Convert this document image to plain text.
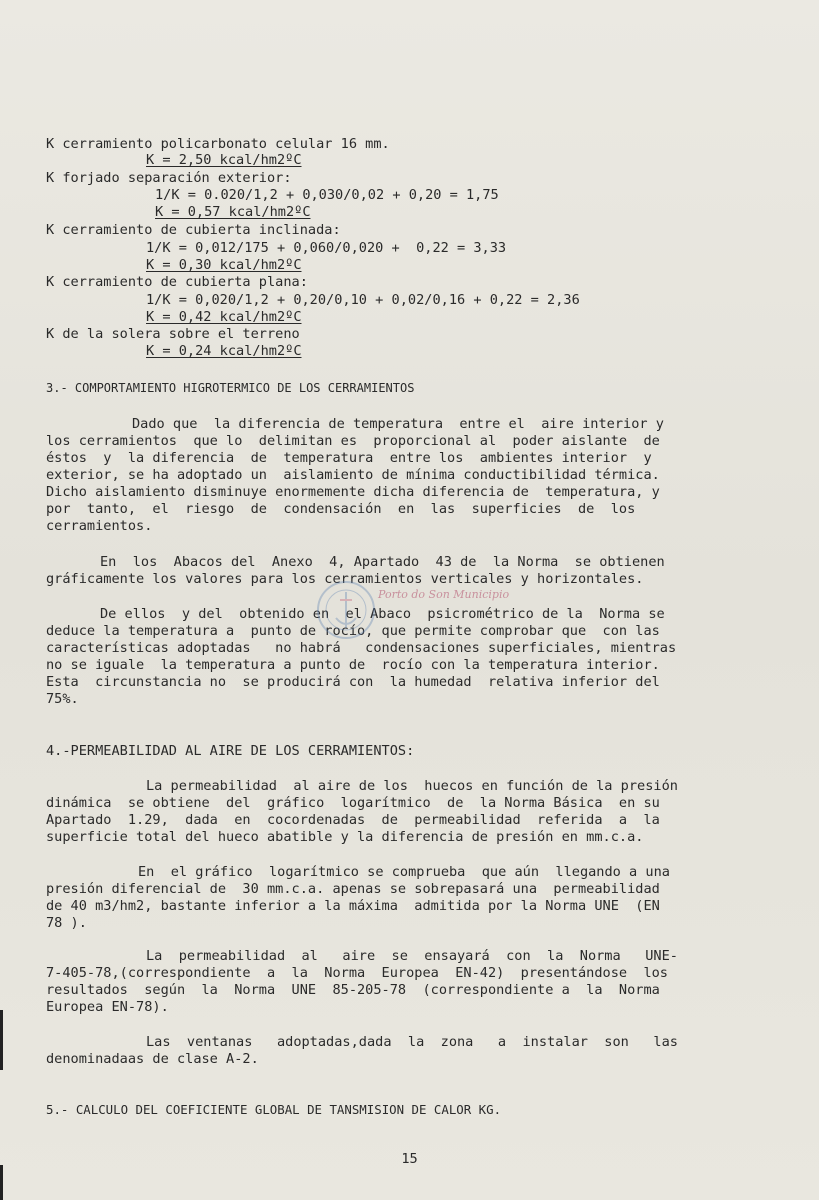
K cerramiento policarbonato celular 16 mm.
K = 2,50 kcal/hm2ºC
K forjado separación exterior:
1/K = 0.020/1,2 + 0,030/0,02 + 0,20 = 1,75
K = 0,57 kcal/hm2ºC
K cerramiento de cubierta inclinada:
1/K = 0,012/175 + 0,060/0,020 +  0,22 = 3,33
K = 0,30 kcal/hm2ºC
K cerramiento de cubierta plana:
1/K = 0,020/1,2 + 0,20/0,10 + 0,02/0,16 + 0,22 = 2,36
K = 0,42 kcal/hm2ºC
K de la solera sobre el terreno
K = 0,24 kcal/hm2ºC
3.- COMPORTAMIENTO HIGROTERMICO DE LOS CERRAMIENTOS
Dado que  la diferencia de temperatura  entre el  aire interior y
los cerramientos  que lo  delimitan es  proporcional al  poder aislante  de
éstos  y  la diferencia  de  temperatura  entre los  ambientes interior  y
exterior, se ha adoptado un  aislamiento de mínima conductibilidad térmica.
Dicho aislamiento disminuye enormemente dicha diferencia de  temperatura, y
por  tanto,  el  riesgo  de  condensación  en  las  superficies  de  los
cerramientos.
En  los  Abacos del  Anexo  4, Apartado  43 de  la Norma  se obtienen
gráficamente los valores para los cerramientos verticales y horizontales.
De ellos  y del  obtenido en  el Abaco  psicrométrico de la  Norma se
deduce la temperatura a  punto de rocío, que permite comprobar que  con las
características adoptadas   no habrá   condensaciones superficiales, mientras
no se iguale  la temperatura a punto de  rocío con la temperatura interior.
Esta  circunstancia no  se producirá con  la humedad  relativa inferior del
75%.
4.-PERMEABILIDAD AL AIRE DE LOS CERRAMIENTOS:
La permeabilidad  al aire de los  huecos en función de la presión
dinámica  se obtiene  del  gráfico  logarítmico  de  la Norma Básica  en su
Apartado  1.29,  dada  en  cocordenadas  de  permeabilidad  referida  a  la
superficie total del hueco abatible y la diferencia de presión en mm.c.a.
En  el gráfico  logarítmico se comprueba  que aún  llegando a una
presión diferencial de  30 mm.c.a. apenas se sobrepasará una  permeabilidad
de 40 m3/hm2, bastante inferior a la máxima  admitida por la Norma UNE  (EN
78 ).
La  permeabilidad  al   aire  se  ensayará  con  la  Norma   UNE-
7-405-78,(correspondiente  a  la  Norma  Europea  EN-42)  presentándose  los
resultados  según  la  Norma  UNE  85-205-78  (correspondiente a  la  Norma
Europea EN-78).
Las  ventanas   adoptadas,dada  la  zona   a  instalar  son   las
denominadaas de clase A-2.
5.- CALCULO DEL COEFICIENTE GLOBAL DE TANSMISION DE CALOR KG.
Porto do Son Municipio
15
